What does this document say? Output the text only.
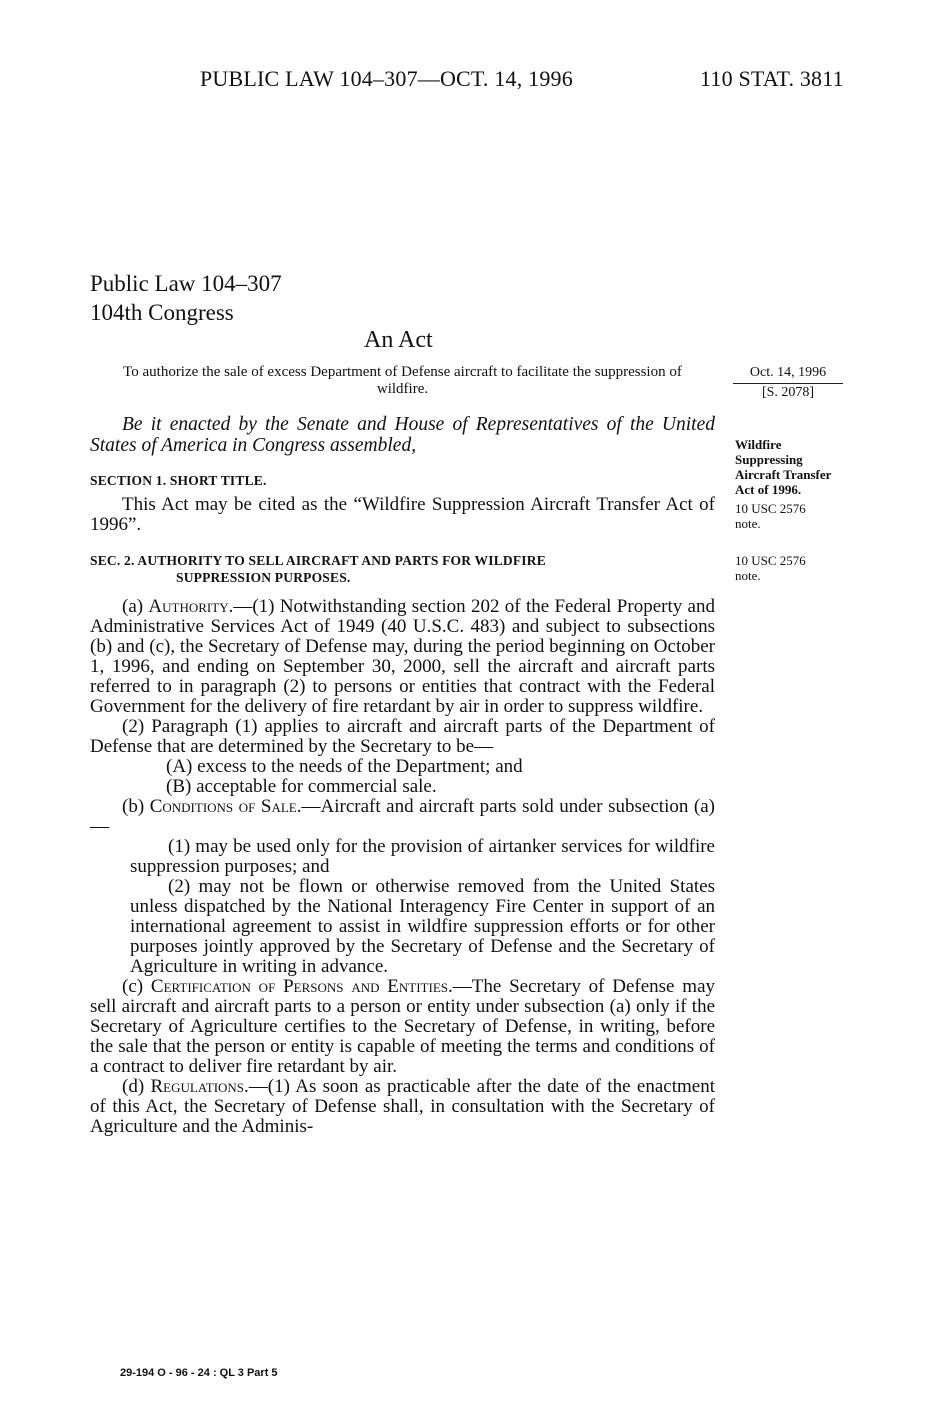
PUBLIC LAW 104–307—OCT. 14, 1996	110 STAT. 3811
Public Law 104–307
104th Congress
An Act
To authorize the sale of excess Department of Defense aircraft to facilitate the suppression of wildfire.
Oct. 14, 1996
[S. 2078]
Wildfire
Suppressing
Aircraft Transfer
Act of 1996.
10 USC 2576
note.
10 USC 2576
note.
Be it enacted by the Senate and House of Representatives of the United States of America in Congress assembled,
SECTION 1. SHORT TITLE.

This Act may be cited as the “Wildfire Suppression Aircraft Transfer Act of 1996”.

SEC. 2. AUTHORITY TO SELL AIRCRAFT AND PARTS FOR WILDFIRE
SUPPRESSION PURPOSES.

(a) Authority.—(1) Notwithstanding section 202 of the Federal Property and Administrative Services Act of 1949 (40 U.S.C. 483) and subject to subsections (b) and (c), the Secretary of Defense may, during the period beginning on October 1, 1996, and ending on September 30, 2000, sell the aircraft and aircraft parts referred to in paragraph (2) to persons or entities that contract with the Federal Government for the delivery of fire retardant by air in order to suppress wildfire.

(2) Paragraph (1) applies to aircraft and aircraft parts of the Department of Defense that are determined by the Secretary to be—

(A) excess to the needs of the Department; and

(B) acceptable for commercial sale.

(b) Conditions of Sale.—Aircraft and aircraft parts sold under subsection (a)—

(1) may be used only for the provision of airtanker services for wildfire suppression purposes; and

(2) may not be flown or otherwise removed from the United States unless dispatched by the National Interagency Fire Center in support of an international agreement to assist in wildfire suppression efforts or for other purposes jointly approved by the Secretary of Defense and the Secretary of Agriculture in writing in advance.

(c) Certification of Persons and Entities.—The Secretary of Defense may sell aircraft and aircraft parts to a person or entity under subsection (a) only if the Secretary of Agriculture certifies to the Secretary of Defense, in writing, before the sale that the person or entity is capable of meeting the terms and conditions of a contract to deliver fire retardant by air.

(d) Regulations.—(1) As soon as practicable after the date of the enactment of this Act, the Secretary of Defense shall, in consultation with the Secretary of Agriculture and the Adminis-

29-194 O - 96 - 24 : QL 3 Part 5
